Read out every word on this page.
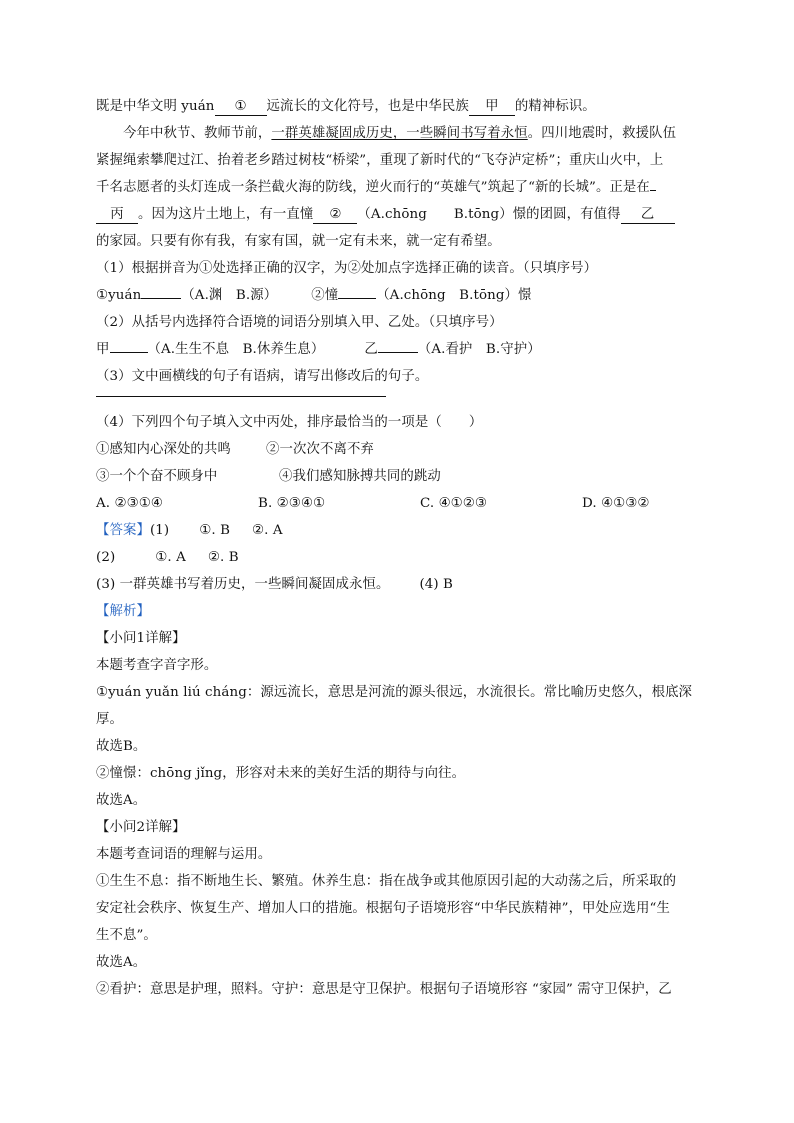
既是中华文明 yuán ① 远流长的文化符号，也是中华民族 甲 的精神标识。
今年中秋节、教师节前，一群英雄凝固成历史，一些瞬间书写着永恒。四川地震时，救援队伍
紧握绳索攀爬过江、抬着老乡踏过树枝“桥梁”，重现了新时代的“飞夺泸定桥”；重庆山火中，上
千名志愿者的头灯连成一条拦截火海的防线，逆火而行的“英雄气”筑起了“新的长城”。正是在
丙 。因为这片土地上，有一直憧 ② （A.chōng　　B.tōng）憬的团圆，有值得 乙
的家园。只要有你有我，有家有国，就一定有未来，就一定有希望。
（1）根据拼音为①处选择正确的汉字，为②处加点字选择正确的读音。（只填序号）
①yuán	（A.渊　B.源）	②憧	（A.chōng　B.tōng）憬
（2）从括号内选择符合语境的词语分别填入甲、乙处。（只填序号）
甲	（A.生生不息　B.休养生息）	乙	（A.看护　B.守护）
（3）文中画横线的句子有语病，请写出修改后的句子。
（4）下列四个句子填入文中丙处，排序最恰当的一项是（　　）
①感知内心深处的共鸣	②一次次不离不弃
③一个个奋不顾身中	④我们感知脉搏共同的跳动
A. ②③①④	B. ②③④①	C. ④①②③	D. ④①③②
【答案】(1) ①. B ②. A
(2)	①. A ②. B
(3) 一群英雄书写着历史，一些瞬间凝固成永恒。 (4) B
【解析】
【小问1详解】
本题考查字音字形。
①yuán yuǎn liú cháng：源远流长，意思是河流的源头很远，水流很长。常比喻历史悠久，根底深
厚。
故选B。
②憧憬：chōng jǐng，形容对未来的美好生活的期待与向往。
故选A。
【小问2详解】
本题考查词语的理解与运用。
①生生不息：指不断地生长、繁殖。休养生息：指在战争或其他原因引起的大动荡之后，所采取的
安定社会秩序、恢复生产、增加人口的措施。根据句子语境形容“中华民族精神”，甲处应选用“生
生不息”。
故选A。
②看护：意思是护理，照料。守护：意思是守卫保护。根据句子语境形容 “家园” 需守卫保护，乙
